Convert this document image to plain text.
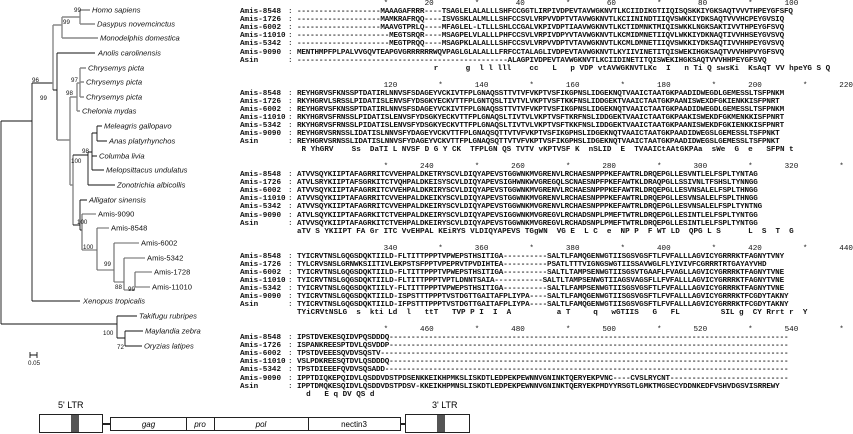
Homo sapiens
Dasypus novemcinctus
Monodelphis domestica
Anolis carolinensis
Chrysemys picta
Chrysemys picta
Chrysemys picta
Chelonia mydas
Meleagris gallopavo
Anas platyrhynchos
Columba livia
Melopsittacus undulatus
Zonotrichia albicollis
Alligator sinensis
Amis-9090
Amis-8548
Amis-6002
Amis-5342
Amis-1728
Amis-11010
Xenopus tropicalis
Takifugu rubripes
Maylandia zebra
Oryzias latipes
99
99
96	97
98
99
98
100
100
100
99
88 99
100
72
0.05
*        20         *        40         *        60         *        80         *       100
Amis-8548 : -------------------MAAAGAFRRR----TSAGLELALALLLSHFCCGGTLIRPIVDPEVTAVWGKNVTLKCIIDIKGTIIQISQSKKIYGKSAQTVVVTHPEYGFSFQ
Amis-1726 : -------------------MAMKRAFRQQ----ISVGSKLALMLLLSHFCCSVLVRPVVDPTVTAVWGKNVTLKCIININDTIIQVSWKKIYDKSAQTVVVHCPEYGVSIQ
Amis-6002 : -------------------MAAVGTPRLQ----MFAGLEL-LTLLLSHLCCGALVKPIVDPTIAAVWGKNVTLKCTIDMNKTMIQISWKKLNGKSAKTIVVTHPEYGFSVQ
Amis-11010 : ---------------------MEGTSRQR----MSAGPELVLALLLPHFCCSVLVRPIVDPYVTAVWGKNVTLKCMIDMNETIIQVLWKKIYDKNAQTIVVHHSEYGVSVQ
Amis-5342 : ---------------------MEGTPRQQ----MSAGPKLALALLLSHFCCSVLVRPVVDPTVTAVWGKNVTLKCMLDMNETIIQVSWKKIYDKSAQTIVVHHPEYGVSVQ
Amis-9090 : MENTHMPFPLPALVVGQVTEAPGVGRRRRRRWQVPAGLGLALALLLFRFCCTALAGLIVDPEVTAVWGKNVTLKYIIVINETITQISWEKIHGKSAQTVVVHHPVYGFSVQ
Asin	: ------------------------------------------------ALAGPIVDPEVTAVWGKNVTLKCIIDINETITQISWEKIHGKSAQTVVVHHPEYGFSVQ
r      g  l l lll    cc   L   p VDP vtAVWGKNVTLKc  I   n Ti Q swsKi  KsAqT VV hpeYG S Q
120         *       140         *       160         *       180         *       200         *       220
Amis-8548 : REYHGRVSFKNSSPTDATIRLNNVSFSDAGEYVCKIVTFPLGNAQSSTTVTVFVKPTVSFIKGPNSLIDGEKNQTVAAICTAATGKPAADIDWEGDLGEMESSLTSFPNKM
Amis-1726 : RKYHGRVLSRSSLPIDATISLENVSFYDSGKYECKVTTFPLGNTQSLTIVTVLVKPTVSFTKKFNSLIDDGEKTVAAICTAATGKPAANISWEXDFGKIENKKISFPNRT
Amis-6002 : REYHGRVSFKNSSPTDATIRLNNVSFSDAGEYVCKIVTFPLGNAQSSTTVTVFVKPTVSFIKGPNSLIDGEKNQTVAAICTAATGKPAADIDWEGDLGEMESSLTSFPNKM
Amis-11010 : RKYHGRVSFRNSSLPIDATISLENVSFYDSGKYECKVTTFPLGNAQSLTIVTVLVKPTVSFTKRFNSLIDDGEKTVAAICTAATGKPAAKISWEKDFGKMENKKISFPNRT
Amis-5342 : RKYHGRVSFRNSSLPIDATISLENVSFYDSGKYECKVTTFPLGNAQSLTIVTVLVKPTVSFTKKFNSLIDDGEKTVAAICTAATGKPAANISWEKDFGKIENKKISFPNRT
Amis-9090 : REYHGRVSRNSSLIDATISLNNVSFYDAGEYVCKVTTFPLGNAQSQTTVTVFVKPTVSFIKGPHSLIDGEKNQTVAAICTAATGKPAADIDWEGSLGEMESSLTSFPNKT
Asin	: REYHGRVSRNSSLIDATISLNNVSFYDAGEYVCKVTTFPLGNAQSQTTVTVFVKPTVSFIKGPHSLIDGEKNQTVAAICTAATGKPAADIDWEGSLGEMESSLTSFPNKT
R YhGRV    Ss  DaTI L NVSF D G Y CK  TFPLGN QS TVTV vKPTVSF K  nSLID  E  TVAAICtAAtGKPAa  sWe  G  e   SFPN t
*       240         *       260         *       280         *       300         *       320         *
Amis-8548 : ATVVSQYKIIPTAFAGRRITCVVEHPALDKETRYSCVLDIQYAPEVSTGGWNKMVGRENVLRCHAESNPPPKEFAWTRLDRQEPGLLESVNTLELFSPLTYNTAG
Amis-1726 : ATVLSRYKIIPTAFSGRKITCTVQHPALDKEISYSCVLDIQYAPEVSIGHWNKWVGREGQLSCNAESNPFPKEFAWTKLDRAQPGLLSSIVNLTFSHSLTYNNGG
Amis-6002 : ATVVSQYKIIPTAFAGRRITCVVEHPALDKRIRYSCVLDIQYAPEVSTGGWNKMVGRENVLRCHAESNPPPKEFAWTRLDRQEPGLLESVNSALELFSPLTHNGG
Amis-11010 : ATVVSQYKIIPTAFAGRRITCVVEHPALDKEIKYSCVLDIQYAPEVSTGGWNKMVGRENVLRCHAESNPPPKEFAWTRLDRQEPGLLESVNSALELFSPLTHNGG
Amis-5342 : ATVVSQYKIIPTAFAGRRITCVVEHPALDKEIRYSCVLDIQYAPEVSTGGWNKMVGRENVLRCHAESNPPPKEFAWTRLDRQEPGLLESVNSALELFSPLTYNTNG
Amis-9090 : ATVLSQYKIIPTAFAGRKITCTVEHPALDKEIRYSCVLDIQYAPEVSIGGWNKMVGREGVLRCHADSNPLPMEFTWTRLDRQEPGLLESINTLELFSPLTYNTGG
Asin	: ATVVSQYKIIPTAFAGRKITCTVEHPALDKEIRYSCVLDIQYAPEVSTGGWNKMVGREGVLRCHADSNPLPMEFTWTRLDRQEPGLLESINTLELFSPLTYNTGG
aTV S YKIIPT FA Gr ITC VvEHPAL KEiRYS VLDIQYAPEVS TGgWN  VG E  L C  e  NP P  F WT LD  QPG L S      L  S  T  G
340         *       360         *       380         *       400         *       420         *       440
Amis-8548 : TYICRVTNSLGQGSDQKTIILD-FLTITTPPPTVPWEPSTHSITIGA----------SALTLFAMQGENWGTIISGSVGSFTLFVFALLLAGVICYGRRRKTFAGNYTVNY
Amis-1726 : TYLCRVSNSLGRNWKSIITIVLEKPSTSFPPTVPEPRVTPVDIHTEA----------PSATLTTTVIGNGSWGTIISSAVWGLFLYIVIVFCGRRRTRTGAYAYVHD
Amis-6002 : TYICRVTNSLGQGSDQKTIILD-FLTITTPPPTVPWEPSTHSITIGA----------SALTLTAMPSENWGTIISGSVTGAAFLFVAGLLAGVICYGRRRKTFAGNYTVNE
Amis-11010 : TYICRVTNSLGQGSDQKTIILD-FLTITTPPPTVPTLDNNTSAIA-----------SALTLTAMPSENWGTIIAGSVAGSFLLFVFALLLAGVICYGRRRKTFAGNYTVNE
Amis-5342 : TYICRVTNSLGQGSDQKTIILY-FLTITTPPPTVPWEPSTHSITIGA----------SALTLFAMPSENWGTIISGSVGSFTLFVFALLLAGVICYGRRRKTFAGNYTVNE
Amis-9090 : TYICRVTNSLGQGSDQKTIILD-ISPSTTTPPPTVSTDGTTGAITAFPLIYPA----SALTLFAMQGENWGTIISGSVGSFTLFVFALLLAGVICYGRRRKTFCGDYTAKNY
Asin	: TYICRVTNSLGQGSDQKTIILD-IFPSTTTPPPTVSTDGTTGAITAFPLIYPA----SALTLFAMQGENWGTIISGSVGSFTLFVFALLLAGVICYGRRRKTFCGDYTAKNY
TYiCRVtNSLG  s  kti Ld  l   ttT   TVP P I  I  A          a T     q   wGTIIS   G   FL         SIL g  CY Rrrt r  Y
*       460         *       480         *       500         *       520         *       540         *
Amis-8548 : IPSTDVEKESQIDVPQSDDDQ-------------------------------------------------------------------------------------------
Amis-1726 : ISPANKREESPTDVLQSVDDP-------------------------------------------------------------------------------------------
Amis-6002 : TPSTDVEEESQVDVSQSTV---------------------------------------------------------------------------------------------
Amis-11010 : VSLPDKREESQTDVLQSDDDQ-------------------------------------------------------------------------------------------
Amis-5342 : TPSTDIEEEFQVDVSQSADD--------------------------------------------------------------------------------------------
Amis-9090 : IPPTDIQKEPQIDVLQSDDVDSTPDSENKKEIKHPMKSLISKDTLEDPEKPEWNNVGNINKTQERYEKPVNC----CVSLRYCNT---------------------------
Asin	: IPPTDMQKESQIDVLQSDDVDSTPDSV-KKEIKHPMNSLISKDTLEDPEKPEWNNVGNINKTQERYEKPMDYYRSGTLGMKTMGSECYDDNKEDFVSHVDGSVISRREWY
d   E q DV QS d
5' LTR	3' LTR
gag	pro	pol	nectin3
